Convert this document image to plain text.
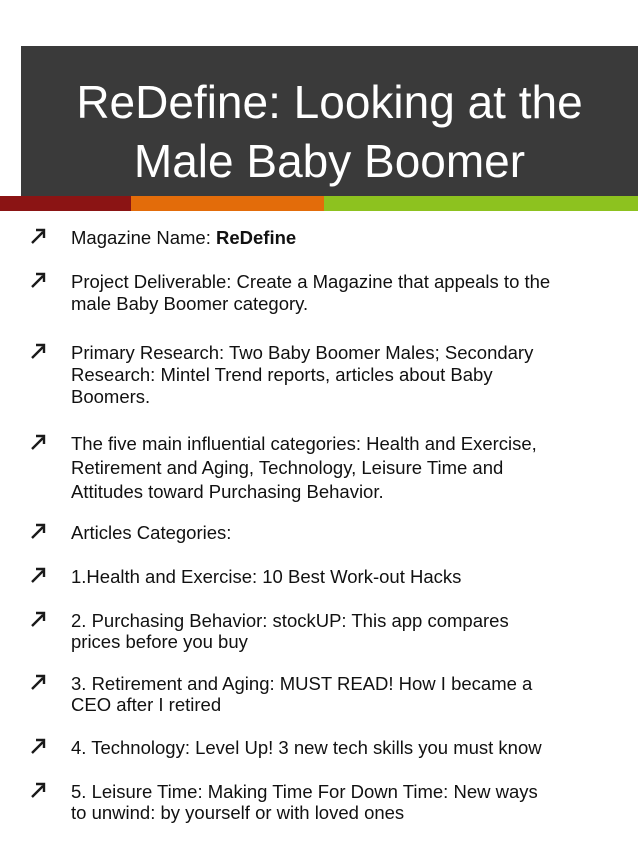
ReDefine: Looking at the
Male Baby Boomer
Magazine Name: ReDefine
Project Deliverable: Create a Magazine that appeals to the
male Baby Boomer category.
Primary Research: Two Baby Boomer Males; Secondary
Research: Mintel Trend reports, articles about Baby
Boomers.
The five main influential categories: Health and Exercise,
Retirement and Aging, Technology, Leisure Time and
Attitudes toward Purchasing Behavior.
Articles Categories:
1.Health and Exercise: 10 Best Work-out Hacks
2. Purchasing Behavior: stockUP: This app compares
prices before you buy
3. Retirement and Aging: MUST READ! How I became a
CEO after I retired
4. Technology: Level Up! 3 new tech skills you must know
5. Leisure Time: Making Time For Down Time: New ways
to unwind: by yourself or with loved ones
